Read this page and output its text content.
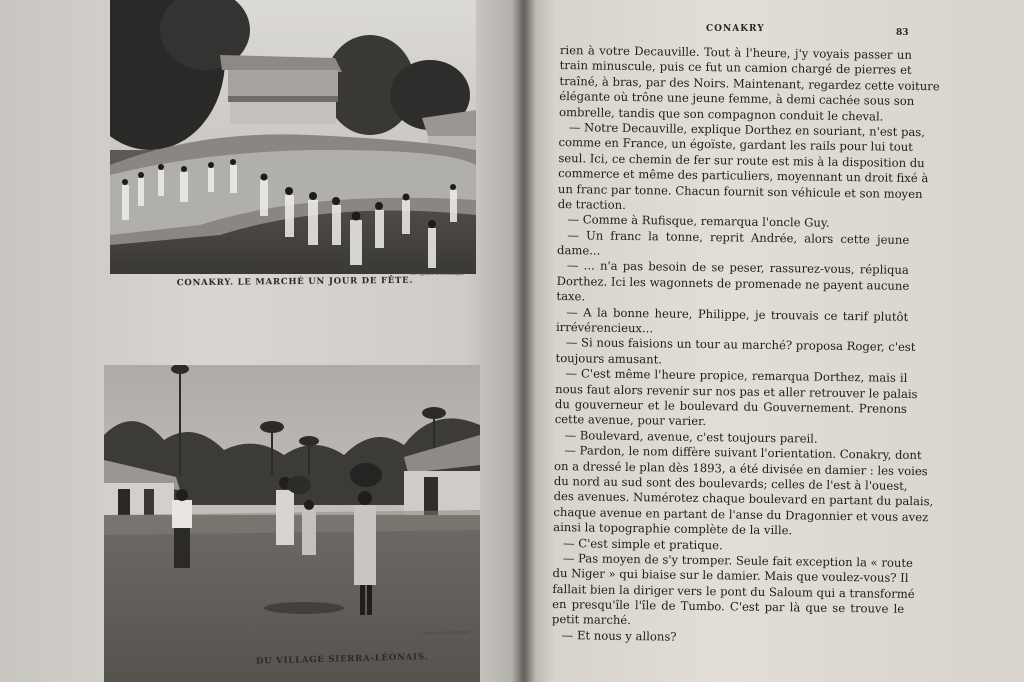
Cl. Agence Economique
CONAKRY. LE MARCHÉ UN JOUR DE FÊTE.
Cl. Agence Economique
DU VILLAGE SIERRA-LÉONAIS.
CONAKRY	83
rien à votre Decauville. Tout à l'heure, j'y voyais passer un
train minuscule, puis ce fut un camion chargé de pierres et
traîné, à bras, par des Noirs. Maintenant, regardez cette voiture
élégante où trône une jeune femme, à demi cachée sous son
ombrelle, tandis que son compagnon conduit le cheval.
— Notre Decauville, explique Dorthez en souriant, n'est pas,
comme en France, un égoïste, gardant les rails pour lui tout
seul. Ici, ce chemin de fer sur route est mis à la disposition du
commerce et même des particuliers, moyennant un droit fixé à
un franc par tonne. Chacun fournit son véhicule et son moyen
de traction.
— Comme à Rufisque, remarqua l'oncle Guy.
— Un franc la tonne, reprit Andrée, alors cette jeune
dame...
— ... n'a pas besoin de se peser, rassurez-vous, répliqua
Dorthez. Ici les wagonnets de promenade ne payent aucune
taxe.
— A la bonne heure, Philippe, je trouvais ce tarif plutôt
irrévérencieux...
— Si nous faisions un tour au marché? proposa Roger, c'est
toujours amusant.
— C'est même l'heure propice, remarqua Dorthez, mais il
nous faut alors revenir sur nos pas et aller retrouver le palais
du gouverneur et le boulevard du Gouvernement. Prenons
cette avenue, pour varier.
— Boulevard, avenue, c'est toujours pareil.
— Pardon, le nom diffère suivant l'orientation. Conakry, dont
on a dressé le plan dès 1893, a été divisée en damier : les voies
du nord au sud sont des boulevards; celles de l'est à l'ouest,
des avenues. Numérotez chaque boulevard en partant du palais,
chaque avenue en partant de l'anse du Dragonnier et vous avez
ainsi la topographie complète de la ville.
— C'est simple et pratique.
— Pas moyen de s'y tromper. Seule fait exception la « route
du Niger » qui biaise sur le damier. Mais que voulez-vous? Il
fallait bien la diriger vers le pont du Saloum qui a transformé
en presqu'île l'île de Tumbo. C'est par là que se trouve le
petit marché.
— Et nous y allons?
